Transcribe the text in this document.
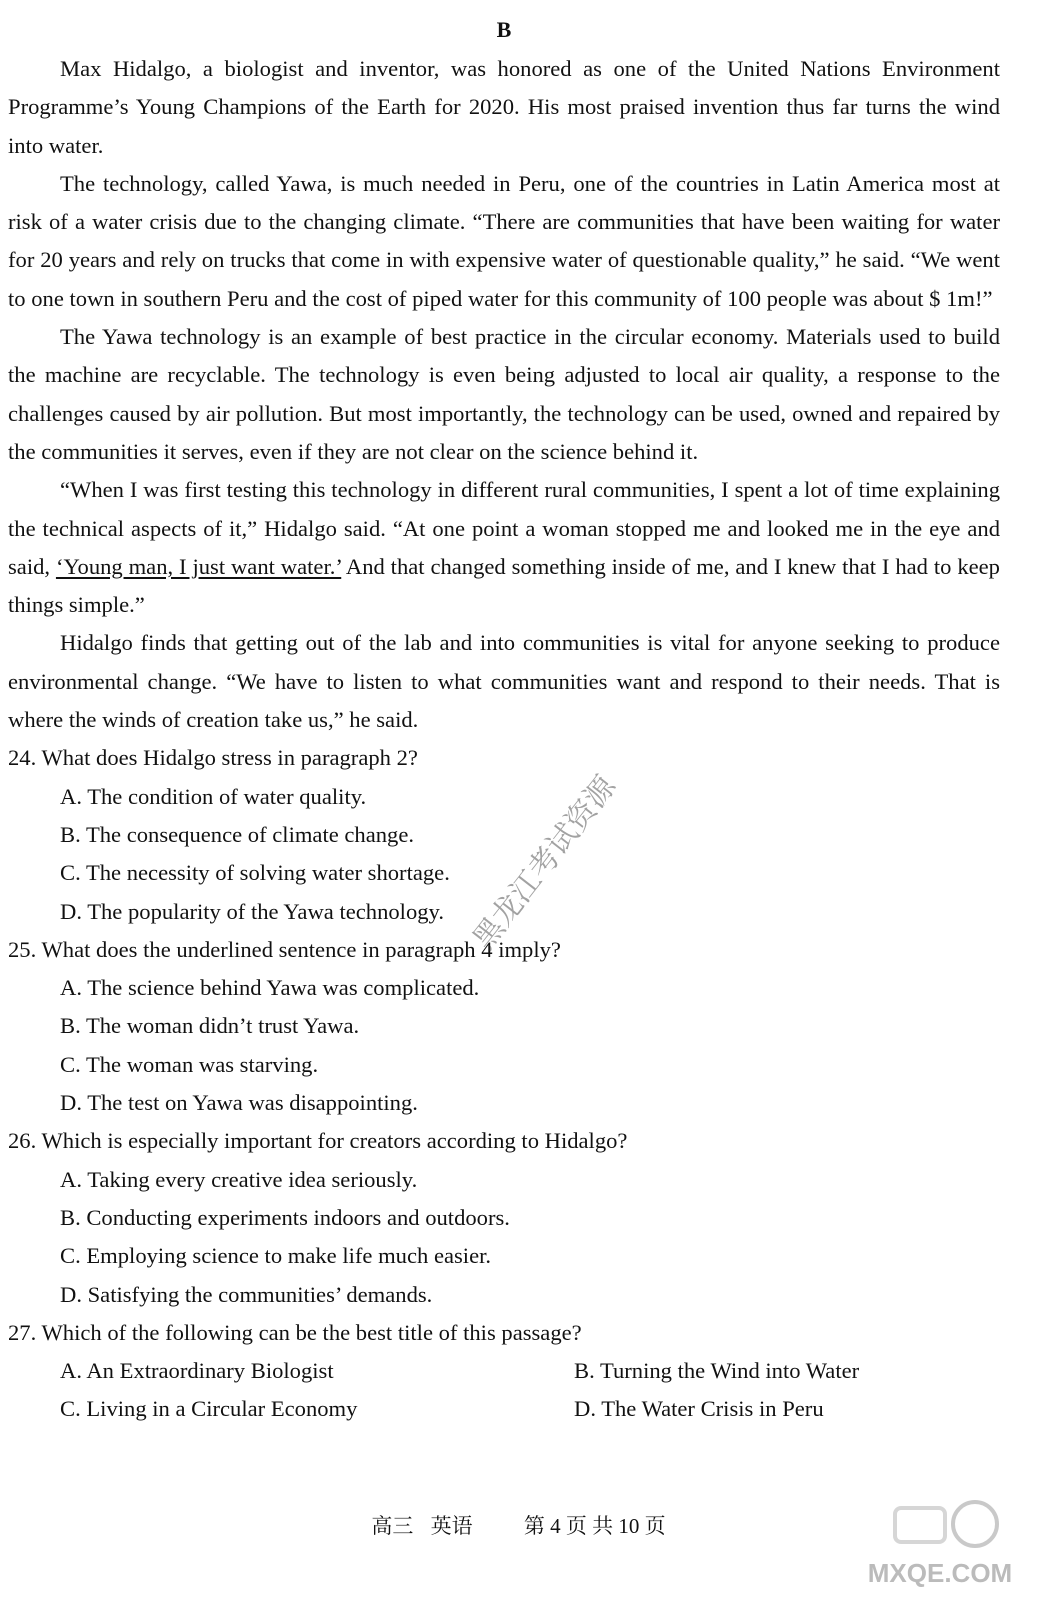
B

Max Hidalgo, a biologist and inventor, was honored as one of the United Nations Environment Programme’s Young Champions of the Earth for 2020. His most praised invention thus far turns the wind into water.

The technology, called Yawa, is much needed in Peru, one of the countries in Latin America most at risk of a water crisis due to the changing climate. “There are communities that have been waiting for water for 20 years and rely on trucks that come in with expensive water of questionable quality,” he said. “We went to one town in southern Peru and the cost of piped water for this community of 100 people was about $ 1m!”

The Yawa technology is an example of best practice in the circular economy. Materials used to build the machine are recyclable. The technology is even being adjusted to local air quality, a response to the challenges caused by air pollution. But most importantly, the technology can be used, owned and repaired by the communities it serves, even if they are not clear on the science behind it.

“When I was first testing this technology in different rural communities, I spent a lot of time explaining the technical aspects of it,” Hidalgo said. “At one point a woman stopped me and looked me in the eye and said, ‘Young man, I just want water.’ And that changed something inside of me, and I knew that I had to keep things simple.”

Hidalgo finds that getting out of the lab and into communities is vital for anyone seeking to produce environmental change. “We have to listen to what communities want and respond to their needs. That is where the winds of creation take us,” he said.

24. What does Hidalgo stress in paragraph 2?

A. The condition of water quality.

B. The consequence of climate change.

C. The necessity of solving water shortage.

D. The popularity of the Yawa technology.

25. What does the underlined sentence in paragraph 4 imply?

A. The science behind Yawa was complicated.

B. The woman didn’t trust Yawa.

C. The woman was starving.

D. The test on Yawa was disappointing.

26. Which is especially important for creators according to Hidalgo?

A. Taking every creative idea seriously.

B. Conducting experiments indoors and outdoors.

C. Employing science to make life much easier.

D. Satisfying the communities’ demands.

27. Which of the following can be the best title of this passage?

A. An Extraordinary Biologist	B. Turning the Wind into Water
C. Living in a Circular Economy	D. The Water Crisis in Peru
黑龙江考试资源
MXQE.COM
高三 英语 第 4 页 共 10 页
